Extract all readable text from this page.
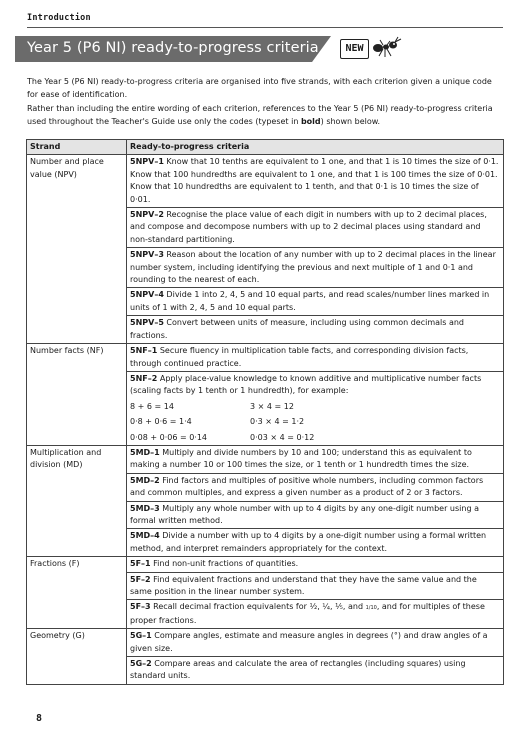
Introduction
Year 5 (P6 NI) ready-to-progress criteria	NEW

The Year 5 (P6 NI) ready-to-progress criteria are organised into five strands, with each criterion given a unique code for ease of identification.

Rather than including the entire wording of each criterion, references to the Year 5 (P6 NI) ready-to-progress criteria used throughout the Teacher's Guide use only the codes (typeset in bold) shown below.

Strand	Ready-to-progress criteria
Number and place value (NPV)	5NPV–1 Know that 10 tenths are equivalent to 1 one, and that 1 is 10 times the size of 0·1. Know that 100 hundredths are equivalent to 1 one, and that 1 is 100 times the size of 0·01. Know that 10 hundredths are equivalent to 1 tenth, and that 0·1 is 10 times the size of 0·01.
	5NPV–2 Recognise the place value of each digit in numbers with up to 2 decimal places, and compose and decompose numbers with up to 2 decimal places using standard and non-standard partitioning.
	5NPV–3 Reason about the location of any number with up to 2 decimal places in the linear number system, including identifying the previous and next multiple of 1 and 0·1 and rounding to the nearest of each.
	5NPV–4 Divide 1 into 2, 4, 5 and 10 equal parts, and read scales/number lines marked in units of 1 with 2, 4, 5 and 10 equal parts.
	5NPV–5 Convert between units of measure, including using common decimals and fractions.
Number facts (NF)	5NF–1 Secure fluency in multiplication table facts, and corresponding division facts, through continued practice.
	5NF–2 Apply place-value knowledge to known additive and multiplicative number facts (scaling facts by 1 tenth or 1 hundredth), for example:
8 + 6 = 14 3 × 4 = 12
0·8 + 0·6 = 1·4 0·3 × 4 = 1·2
0·08 + 0·06 = 0·14 0·03 × 4 = 0·12

Multiplication and division (MD)	5MD–1 Multiply and divide numbers by 10 and 100; understand this as equivalent to making a number 10 or 100 times the size, or 1 tenth or 1 hundredth times the size.
	5MD–2 Find factors and multiples of positive whole numbers, including common factors and common multiples, and express a given number as a product of 2 or 3 factors.
	5MD–3 Multiply any whole number with up to 4 digits by any one-digit number using a formal written method.
	5MD–4 Divide a number with up to 4 digits by a one-digit number using a formal written method, and interpret remainders appropriately for the context.
Fractions (F)	5F–1 Find non-unit fractions of quantities.
	5F–2 Find equivalent fractions and understand that they have the same value and the same position in the linear number system.
	5F–3 Recall decimal fraction equivalents for ½, ¼, ⅕, and 1/10, and for multiples of these proper fractions.
Geometry (G)	5G–1 Compare angles, estimate and measure angles in degrees (°) and draw angles of a given size.
	5G–2 Compare areas and calculate the area of rectangles (including squares) using standard units.
8
